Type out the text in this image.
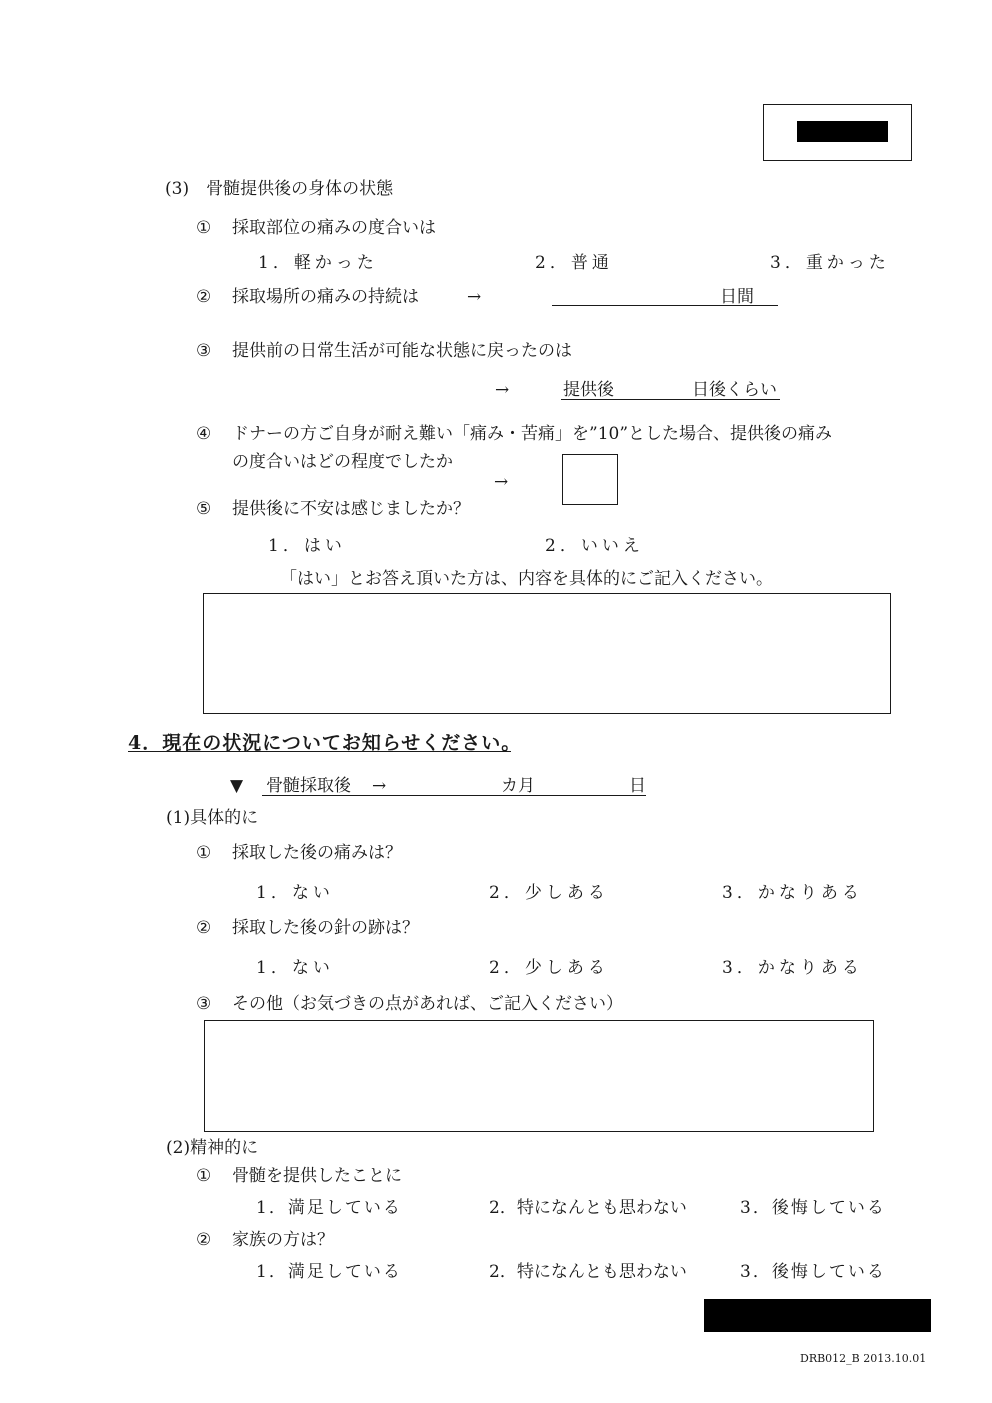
(3)　骨髄提供後の身体の状態
① 採取部位の痛みの度合いは
1．軽かった	2．普通	3．重かった
② 採取場所の痛みの持続は	→	日間
③ 提供前の日常生活が可能な状態に戻ったのは
→	提供後	日後くらい
④ ドナーの方ご自身が耐え難い「痛み・苦痛」を”10”とした場合、提供後の痛み
の度合いはどの程度でしたか
→
⑤ 提供後に不安は感じましたか？
1．はい	2．いいえ
「はい」とお答え頂いた方は、内容を具体的にご記入ください。
4．現在の状況についてお知らせください。
▼ 骨髄採取後 →	カ月	日
(1)具体的に
① 採取した後の痛みは？
1．ない	2．少しある	3．かなりある
② 採取した後の針の跡は？
1．ない	2．少しある	3．かなりある
③ その他（お気づきの点があれば、ご記入ください）
(2)精神的に
① 骨髄を提供したことに
1．満足している	2．特になんとも思わない	3．後悔している
② 家族の方は？
1．満足している	2．特になんとも思わない	3．後悔している
DRB012_B 2013.10.01
